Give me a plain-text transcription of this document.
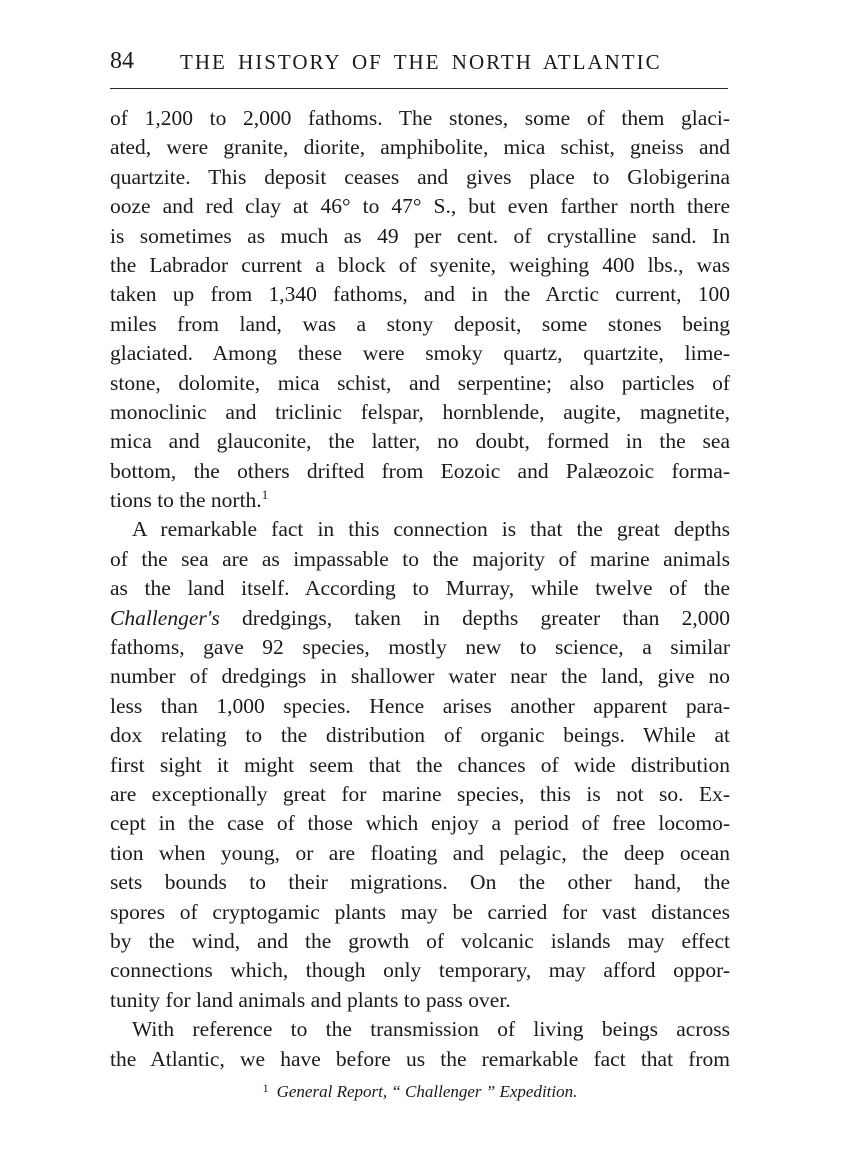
84 THE HISTORY OF THE NORTH ATLANTIC
of 1,200 to 2,000 fathoms. The stones, some of them glaci-
ated, were granite, diorite, amphibolite, mica schist, gneiss and
quartzite. This deposit ceases and gives place to Globigerina
ooze and red clay at 46° to 47° S., but even farther north there
is sometimes as much as 49 per cent. of crystalline sand. In
the Labrador current a block of syenite, weighing 400 lbs., was
taken up from 1,340 fathoms, and in the Arctic current, 100
miles from land, was a stony deposit, some stones being
glaciated. Among these were smoky quartz, quartzite, lime-
stone, dolomite, mica schist, and serpentine; also particles of
monoclinic and triclinic felspar, hornblende, augite, magnetite,
mica and glauconite, the latter, no doubt, formed in the sea
bottom, the others drifted from Eozoic and Palæozoic forma-
tions to the north.$^1$
A remarkable fact in this connection is that the great depths
of the sea are as impassable to the majority of marine animals
as the land itself. According to Murray, while twelve of the
Challenger's dredgings, taken in depths greater than 2,000
fathoms, gave 92 species, mostly new to science, a similar
number of dredgings in shallower water near the land, give no
less than 1,000 species. Hence arises another apparent para-
dox relating to the distribution of organic beings. While at
first sight it might seem that the chances of wide distribution
are exceptionally great for marine species, this is not so. Ex-
cept in the case of those which enjoy a period of free locomo-
tion when young, or are floating and pelagic, the deep ocean
sets bounds to their migrations. On the other hand, the
spores of cryptogamic plants may be carried for vast distances
by the wind, and the growth of volcanic islands may effect
connections which, though only temporary, may afford oppor-
tunity for land animals and plants to pass over.
With reference to the transmission of living beings across
the Atlantic, we have before us the remarkable fact that from
$^1$ General Report, “ Challenger ” Expedition.
